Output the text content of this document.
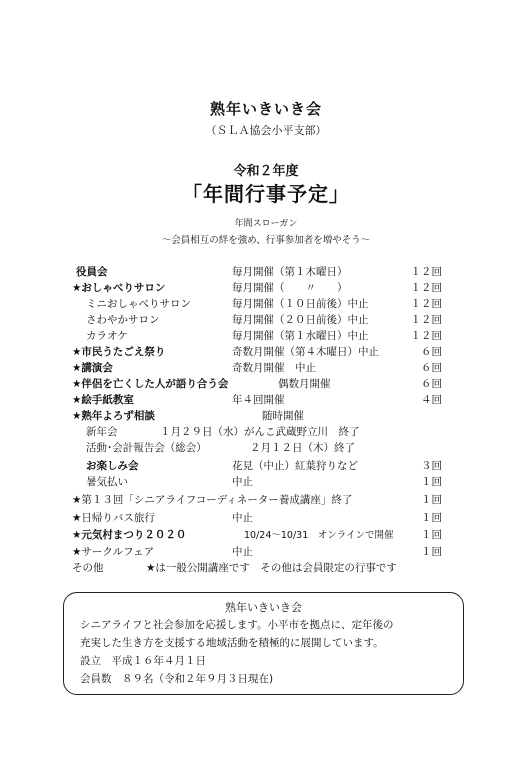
熟年いきいき会
（ＳＬＡ協会小平支部）
令和２年度
「年間行事予定」
年間スローガン
～会員相互の絆を強め、行事参加者を増やそう～
役員会	毎月開催（第１木曜日）	１２回
★おしゃべりサロン	毎月開催（　　〃　　）	１２回
ミニおしゃべりサロン	毎月開催（１０日前後）中止	１２回
さわやかサロン	毎月開催（２０日前後）中止	１２回
カラオケ	毎月開催（第１水曜日）中止	１２回
★市民うたごえ祭り	奇数月開催（第４木曜日）中止	６回
★講演会	奇数月開催　中止	６回
★伴侶を亡くした人が語り合う会	偶数月開催	６回
★絵手紙教室	年４回開催	４回
★熟年よろず相談	随時開催
新年会	１月２９日（水）がんこ武蔵野立川　終了
活動･会計報告会（総会）	２月１２日（木）終了
お楽しみ会	花見（中止）紅葉狩りなど	３回
暑気払い	中止	１回
★第１３回「シニアライフコーディネーター養成講座」終了	１回
★日帰りバス旅行	中止	１回
★元気村まつり２０２０	10/24～10/31　オンラインで開催	１回
★サークルフェア	中止	１回
その他	★は一般公開講座です　その他は会員限定の行事です
熟年いきいき会
シニアライフと社会参加を応援します。小平市を拠点に、定年後の
充実した生き方を支援する地域活動を積極的に展開しています。
設立　平成１６年４月１日
会員数　８９名（令和２年９月３日現在)
